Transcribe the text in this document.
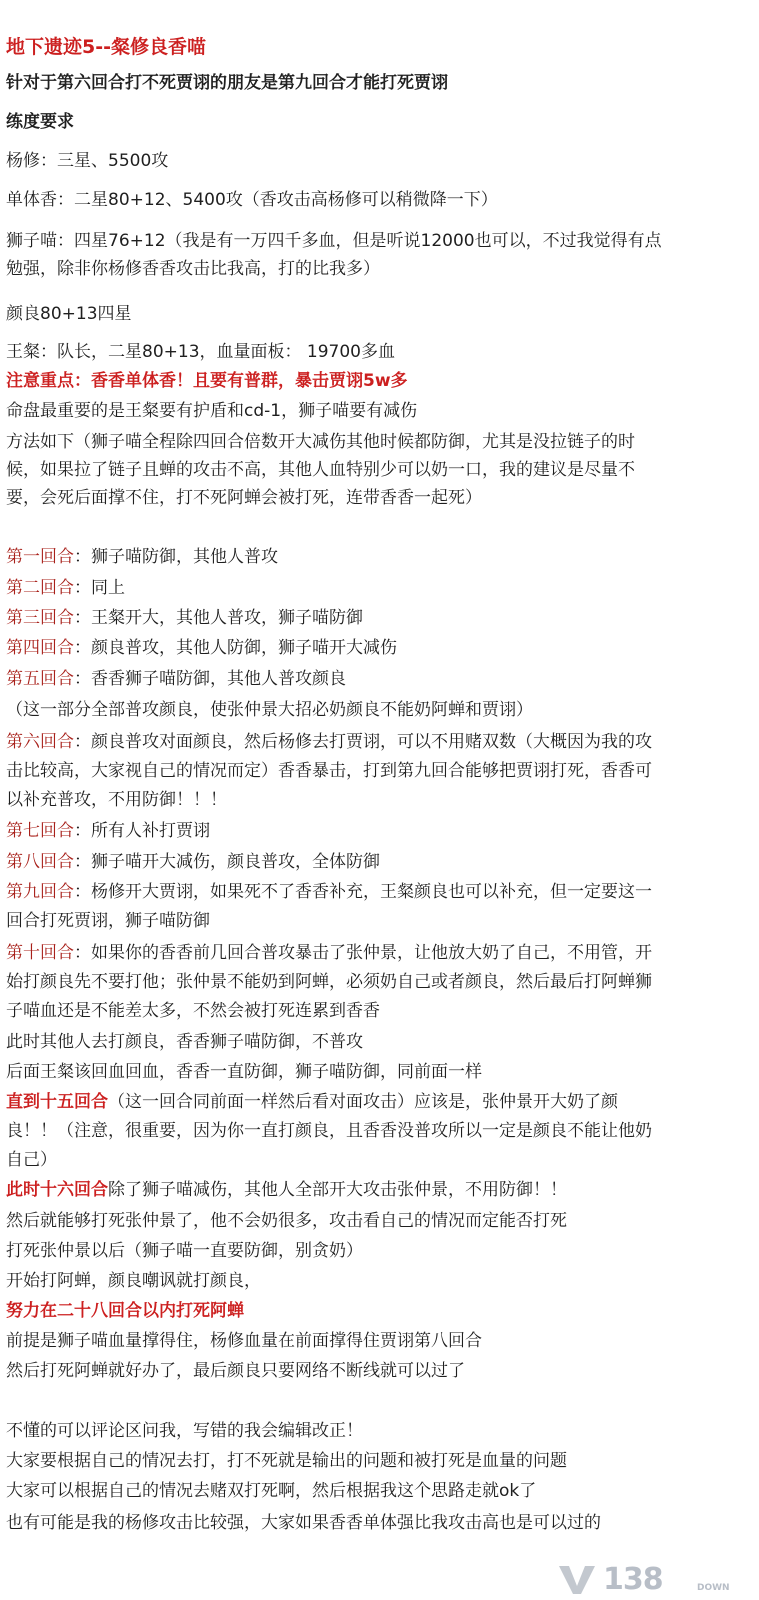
地下遗迹5--粲修良香喵
针对于第六回合打不死贾诩的朋友是第九回合才能打死贾诩
练度要求
杨修：三星、5500攻
单体香：二星80+12、5400攻（香攻击高杨修可以稍微降一下）
狮子喵：四星76+12（我是有一万四千多血，但是听说12000也可以，不过我觉得有点
勉强，除非你杨修香香攻击比我高，打的比我多）
颜良80+13四星
王粲：队长，二星80+13，血量面板： 19700多血
注意重点：香香单体香！且要有普群，暴击贾诩5w多
命盘最重要的是王粲要有护盾和cd-1，狮子喵要有减伤
方法如下（狮子喵全程除四回合倍数开大减伤其他时候都防御，尤其是没拉链子的时
候，如果拉了链子且蝉的攻击不高，其他人血特别少可以奶一口，我的建议是尽量不
要，会死后面撑不住，打不死阿蝉会被打死，连带香香一起死）
第一回合：狮子喵防御，其他人普攻
第二回合：同上
第三回合：王粲开大，其他人普攻，狮子喵防御
第四回合：颜良普攻，其他人防御，狮子喵开大减伤
第五回合：香香狮子喵防御，其他人普攻颜良
（这一部分全部普攻颜良，使张仲景大招必奶颜良不能奶阿蝉和贾诩）
第六回合：颜良普攻对面颜良，然后杨修去打贾诩，可以不用赌双数（大概因为我的攻
击比较高，大家视自己的情况而定）香香暴击，打到第九回合能够把贾诩打死，香香可
以补充普攻，不用防御！！！
第七回合：所有人补打贾诩
第八回合：狮子喵开大减伤，颜良普攻，全体防御
第九回合：杨修开大贾诩，如果死不了香香补充，王粲颜良也可以补充，但一定要这一
回合打死贾诩，狮子喵防御
第十回合：如果你的香香前几回合普攻暴击了张仲景，让他放大奶了自己，不用管，开
始打颜良先不要打他；张仲景不能奶到阿蝉，必须奶自己或者颜良，然后最后打阿蝉狮
子喵血还是不能差太多，不然会被打死连累到香香
此时其他人去打颜良，香香狮子喵防御，不普攻
后面王粲该回血回血，香香一直防御，狮子喵防御，同前面一样
直到十五回合（这一回合同前面一样然后看对面攻击）应该是，张仲景开大奶了颜
良！！（注意，很重要，因为你一直打颜良，且香香没普攻所以一定是颜良不能让他奶
自己）
此时十六回合除了狮子喵减伤，其他人全部开大攻击张仲景，不用防御！！
然后就能够打死张仲景了，他不会奶很多，攻击看自己的情况而定能否打死
打死张仲景以后（狮子喵一直要防御，别贪奶）
开始打阿蝉，颜良嘲讽就打颜良，
努力在二十八回合以内打死阿蝉
前提是狮子喵血量撑得住，杨修血量在前面撑得住贾诩第八回合
然后打死阿蝉就好办了，最后颜良只要网络不断线就可以过了
不懂的可以评论区问我，写错的我会编辑改正！
大家要根据自己的情况去打，打不死就是输出的问题和被打死是血量的问题
大家可以根据自己的情况去赌双打死啊，然后根据我这个思路走就ok了
也有可能是我的杨修攻击比较强，大家如果香香单体强比我攻击高也是可以过的
138	DOWN
